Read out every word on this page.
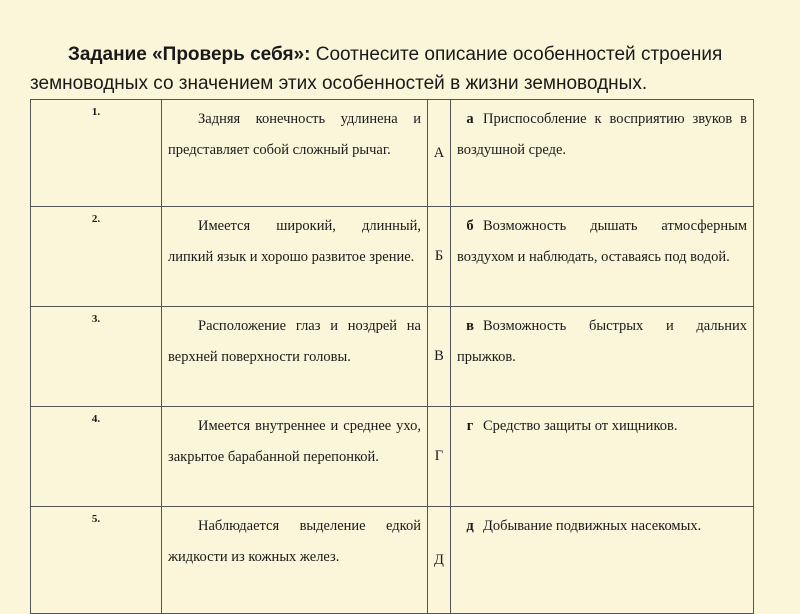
Задание «Проверь себя»: Соотнесите описание особенностей строения земноводных со значением этих особенностей в жизни земноводных.
1.	Задняя конечность удлинена и представляет собой сложный рычаг.	А	а Приспособление к восприятию звуков в воздушной среде.
2.	Имеется широкий, длинный, липкий язык и хорошо развитое зрение.	Б	б Возможность дышать атмосферным воздухом и наблюдать, оставаясь под водой.
3.	Расположение глаз и ноздрей на верхней поверхности головы.	В	в Возможность быстрых и дальних прыжков.
4.	Имеется внутреннее и среднее ухо, закрытое барабанной перепонкой.	Г	г Средство защиты от хищников.
5.	Наблюдается выделение едкой жидкости из кожных желез.	Д	д Добывание подвижных насекомых.
